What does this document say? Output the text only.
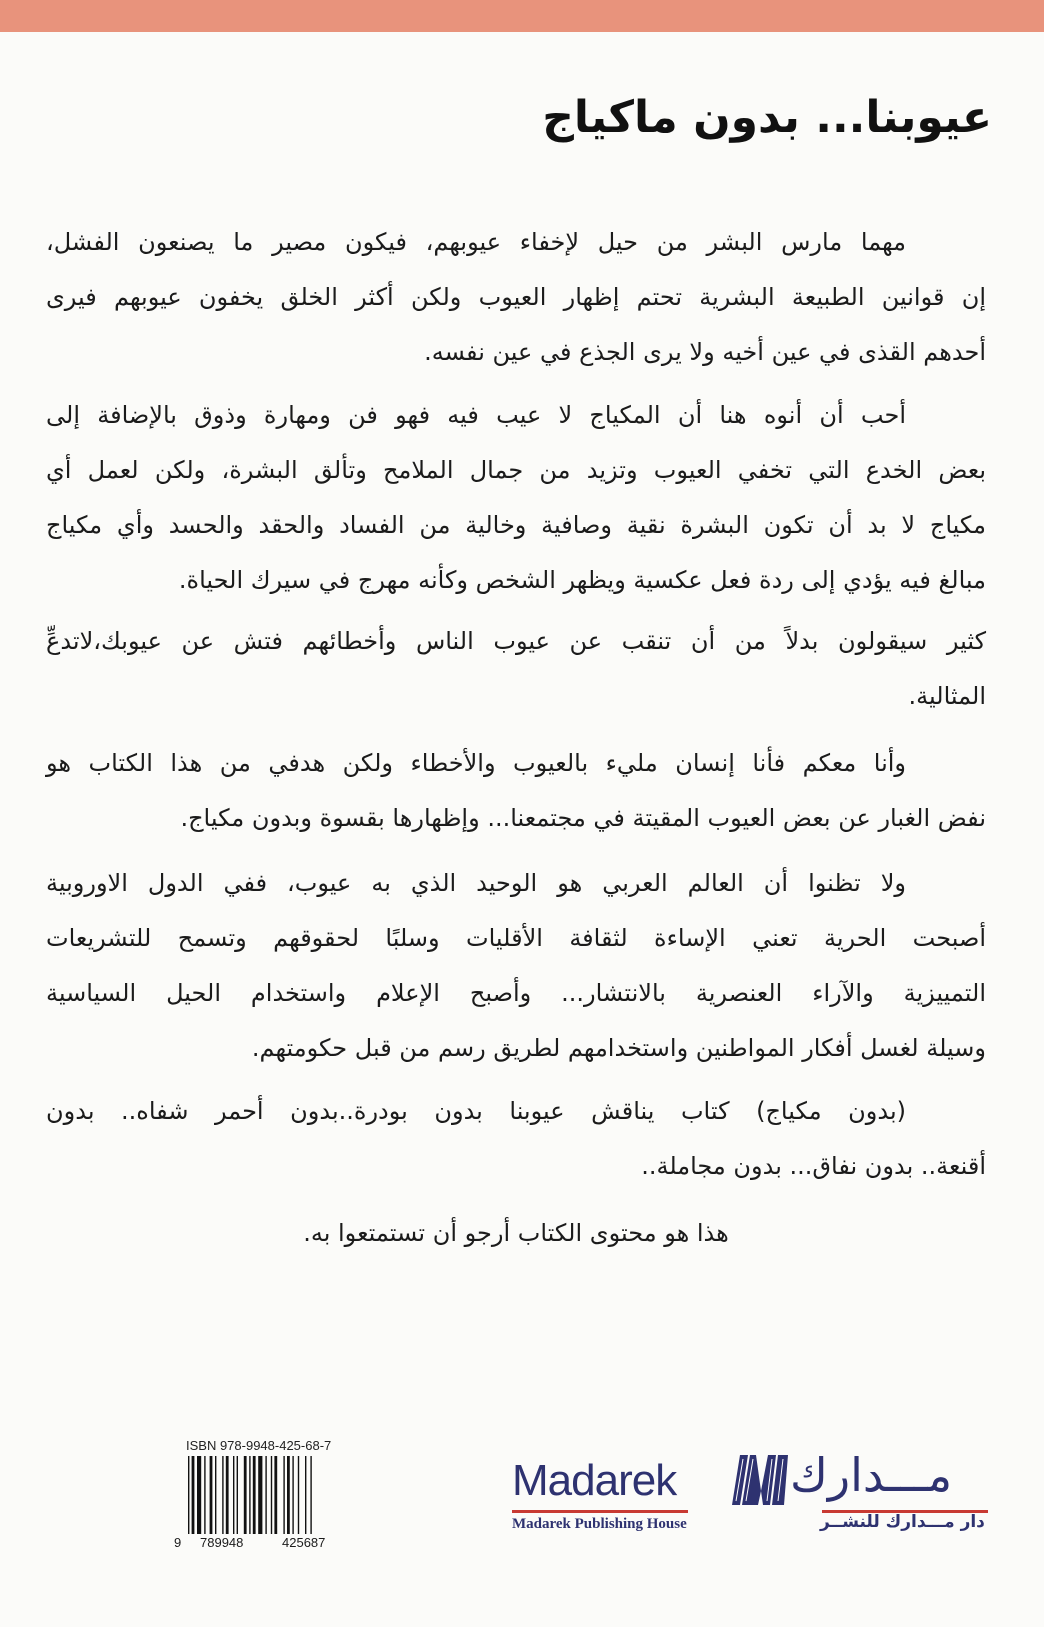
عيوبنا... بدون ماكياج
مهما مارس البشر من حيل لإخفاء عيوبهم، فيكون مصير ما يصنعون الفشل،
إن قوانين الطبيعة البشرية تحتم إظهار العيوب ولكن أكثر الخلق يخفون عيوبهم فيرى
أحدهم القذى في عين أخيه ولا يرى الجذع في عين نفسه.
أحب أن أنوه هنا أن المكياج لا عيب فيه فهو فن ومهارة وذوق بالإضافة إلى
بعض الخدع التي تخفي العيوب وتزيد من جمال الملامح وتألق البشرة، ولكن لعمل أي
مكياج لا بد أن تكون البشرة نقية وصافية وخالية من الفساد والحقد والحسد وأي مكياج
مبالغ فيه يؤدي إلى ردة فعل عكسية ويظهر الشخص وكأنه مهرج في سيرك الحياة.
كثير سيقولون بدلاً من أن تنقب عن عيوب الناس وأخطائهم فتش عن عيوبك،لاتدعِّ
المثالية.
وأنا معكم فأنا إنسان مليء بالعيوب والأخطاء ولكن هدفي من هذا الكتاب هو
نفض الغبار عن بعض العيوب المقيتة في مجتمعنا... وإظهارها بقسوة وبدون مكياج.
ولا تظنوا أن العالم العربي هو الوحيد الذي به عيوب، ففي الدول الاوروبية
أصبحت الحرية تعني الإساءة لثقافة الأقليات وسلبًا لحقوقهم وتسمح للتشريعات
التمييزية والآراء العنصرية بالانتشار... وأصبح الإعلام واستخدام الحيل السياسية
وسيلة لغسل أفكار المواطنين واستخدامهم لطريق رسم من قبل حكومتهم.
(بدون مكياج) كتاب يناقش عيوبنا بدون بودرة..بدون أحمر شفاه.. بدون
أقنعة.. بدون نفاق... بدون مجاملة..
هذا هو محتوى الكتاب أرجو أن تستمتعوا به.
ISBN 978-9948-425-68-7
9 789948	425687
Madarek مـــدارك
Madarek Publishing House	دار مـــدارك للنشــر
